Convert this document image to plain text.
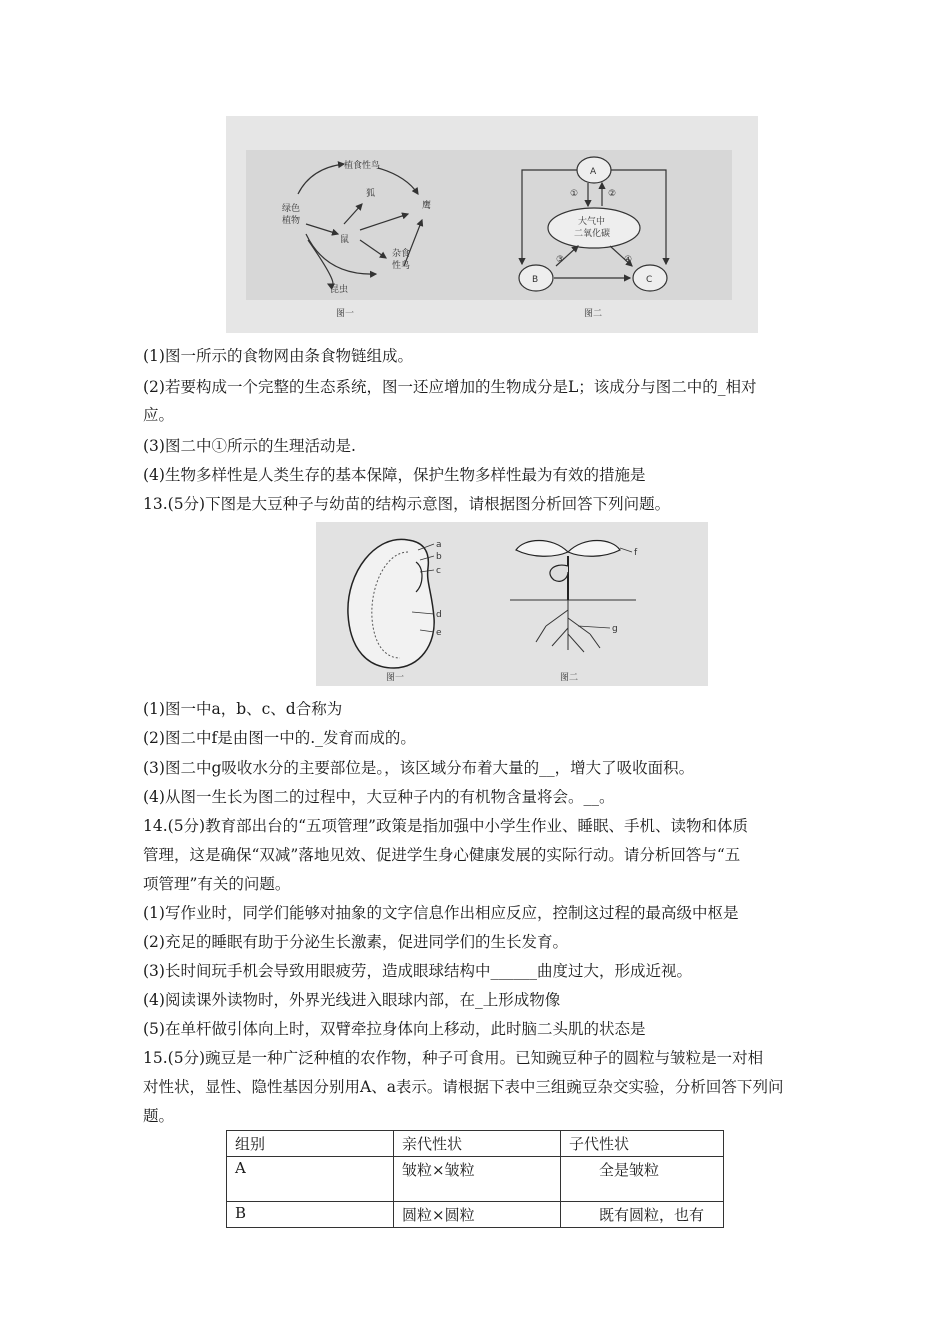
植食性鸟
绿色
植物
狐
鹰
鼠
杂食
性鸟
昆虫
图一
A
大气中
二氧化碳
B	C
①	②
③	④
图二
(1)图一所示的食物网由条食物链组成。
(2)若要构成一个完整的生态系统，图一还应增加的生物成分是L；该成分与图二中的_相对
应。
(3)图二中①所示的生理活动是.
(4)生物多样性是人类生存的基本保障，保护生物多样性最为有效的措施是
13.(5分)下图是大豆种子与幼苗的结构示意图，请根据图分析回答下列问题。
a
b
c
d
e
图一
f
g
图二
(1)图一中a，b、c、d合称为
(2)图二中f是由图一中的._发育而成的。
(3)图二中g吸收水分的主要部位是。，该区域分布着大量的__，增大了吸收面积。
(4)从图一生长为图二的过程中，大豆种子内的有机物含量将会。__。
14.(5分)教育部出台的“五项管理”政策是指加强中小学生作业、睡眠、手机、读物和体质
管理，这是确保“双减”落地见效、促进学生身心健康发展的实际行动。请分析回答与“五
项管理”有关的问题。
(1)写作业时，同学们能够对抽象的文字信息作出相应反应，控制这过程的最高级中枢是
(2)充足的睡眠有助于分泌生长激素，促进同学们的生长发育。
(3)长时间玩手机会导致用眼疲劳，造成眼球结构中______曲度过大，形成近视。
(4)阅读课外读物时，外界光线进入眼球内部，在_上形成物像
(5)在单杆做引体向上时，双臂牵拉身体向上移动，此时脑二头肌的状态是
15.(5分)豌豆是一种广泛种植的农作物，种子可食用。已知豌豆种子的圆粒与皱粒是一对相
对性状，显性、隐性基因分别用A、a表示。请根据下表中三组豌豆杂交实验，分析回答下列问
题。
组别	亲代性状	子代性状
A	皱粒×皱粒	全是皱粒
B	圆粒×圆粒	既有圆粒，也有
